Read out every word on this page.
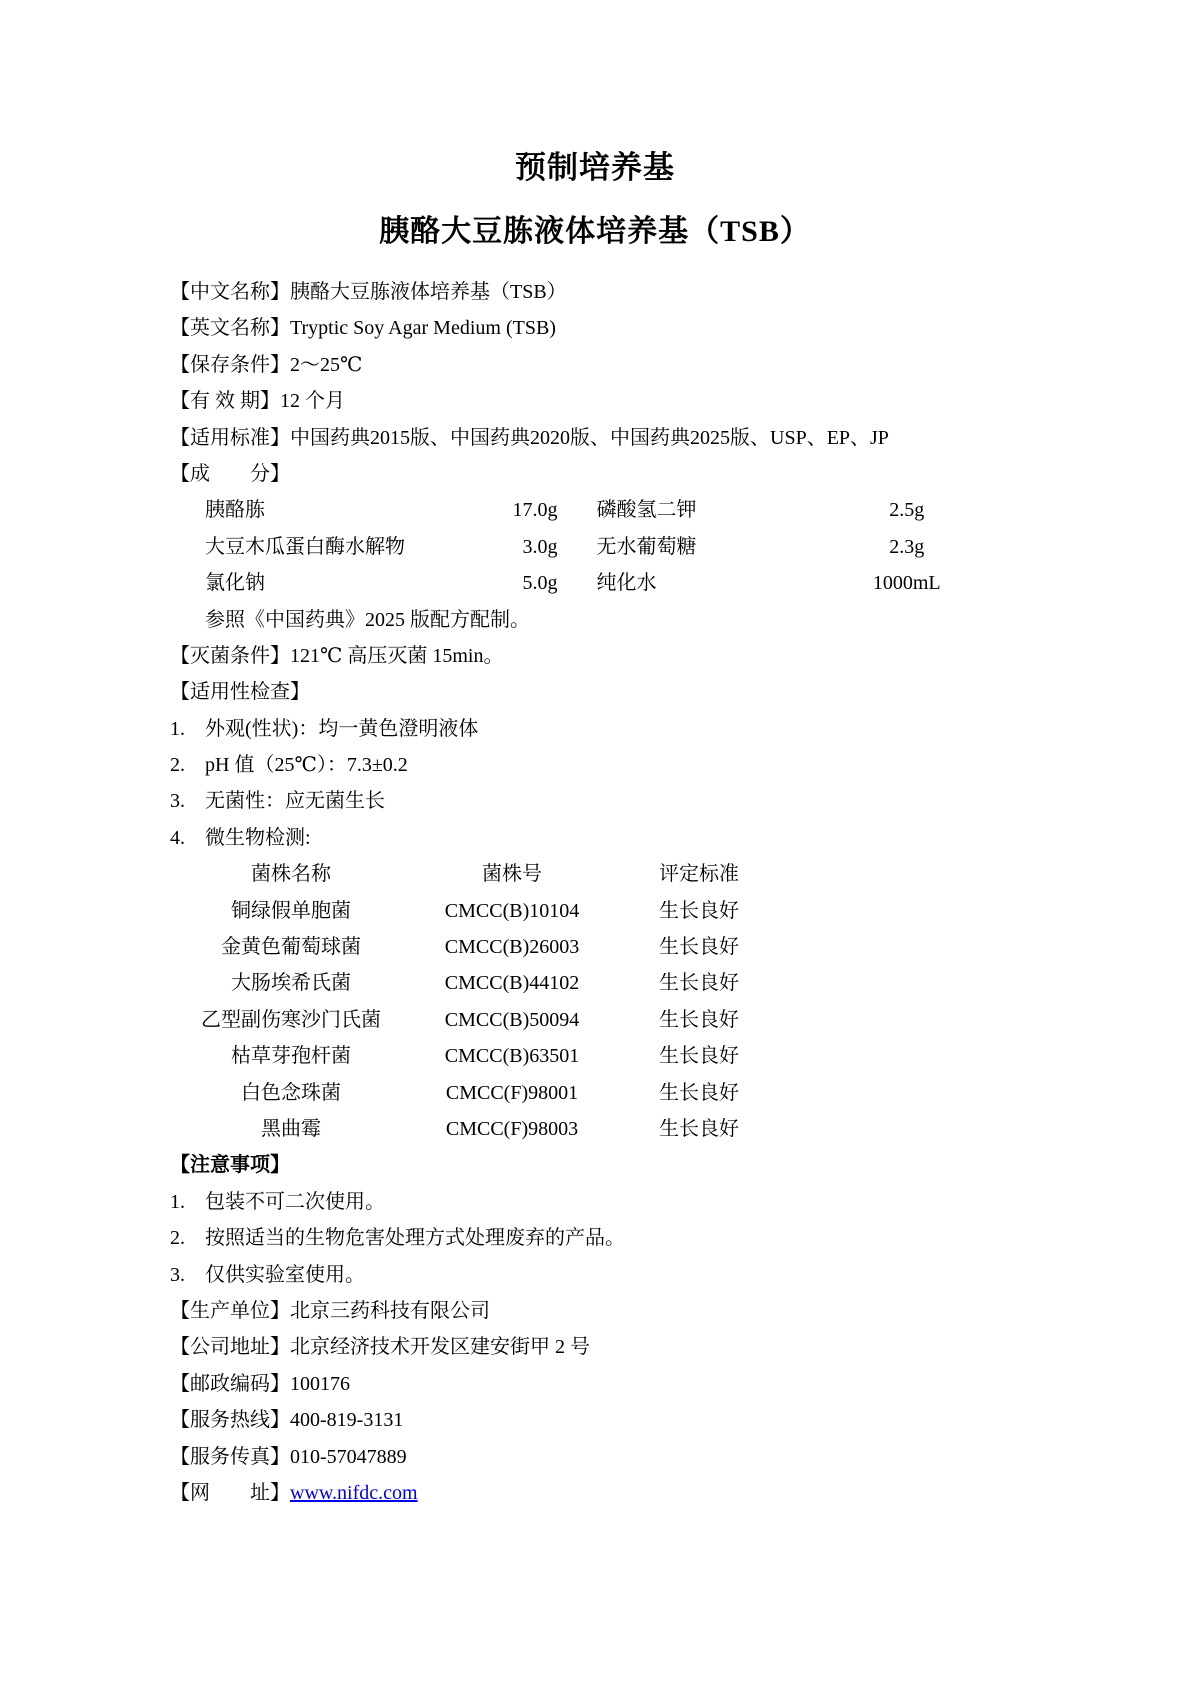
预制培养基
胰酪大豆胨液体培养基（TSB）
【中文名称】胰酪大豆胨液体培养基（TSB）
【英文名称】Tryptic Soy Agar Medium (TSB)
【保存条件】2～25℃
【有 效 期】12 个月
【适用标准】中国药典2015版、中国药典2020版、中国药典2025版、USP、EP、JP
【成　　分】
胰酪胨	17.0g 磷酸氢二钾	2.5g
大豆木瓜蛋白酶水解物	3.0g 无水葡萄糖	2.3g
氯化钠	5.0g 纯化水	1000mL
参照《中国药典》2025 版配方配制。
【灭菌条件】121℃ 高压灭菌 15min。
【适用性检查】
1.	外观(性状)：均一黄色澄明液体
2.	pH 值（25℃）：7.3±0.2
3.	无菌性：应无菌生长
4.	微生物检测:
菌株名称	菌株号	评定标准
铜绿假单胞菌	CMCC(B)10104	生长良好
金黄色葡萄球菌	CMCC(B)26003	生长良好
大肠埃希氏菌	CMCC(B)44102	生长良好
乙型副伤寒沙门氏菌	CMCC(B)50094	生长良好
枯草芽孢杆菌	CMCC(B)63501	生长良好
白色念珠菌	CMCC(F)98001	生长良好
黑曲霉	CMCC(F)98003	生长良好
【注意事项】
1.	包装不可二次使用。
2.	按照适当的生物危害处理方式处理废弃的产品。
3.	仅供实验室使用。
【生产单位】北京三药科技有限公司
【公司地址】北京经济技术开发区建安街甲 2 号
【邮政编码】100176
【服务热线】400-819-3131
【服务传真】010-57047889
【网　　址】www.nifdc.com
